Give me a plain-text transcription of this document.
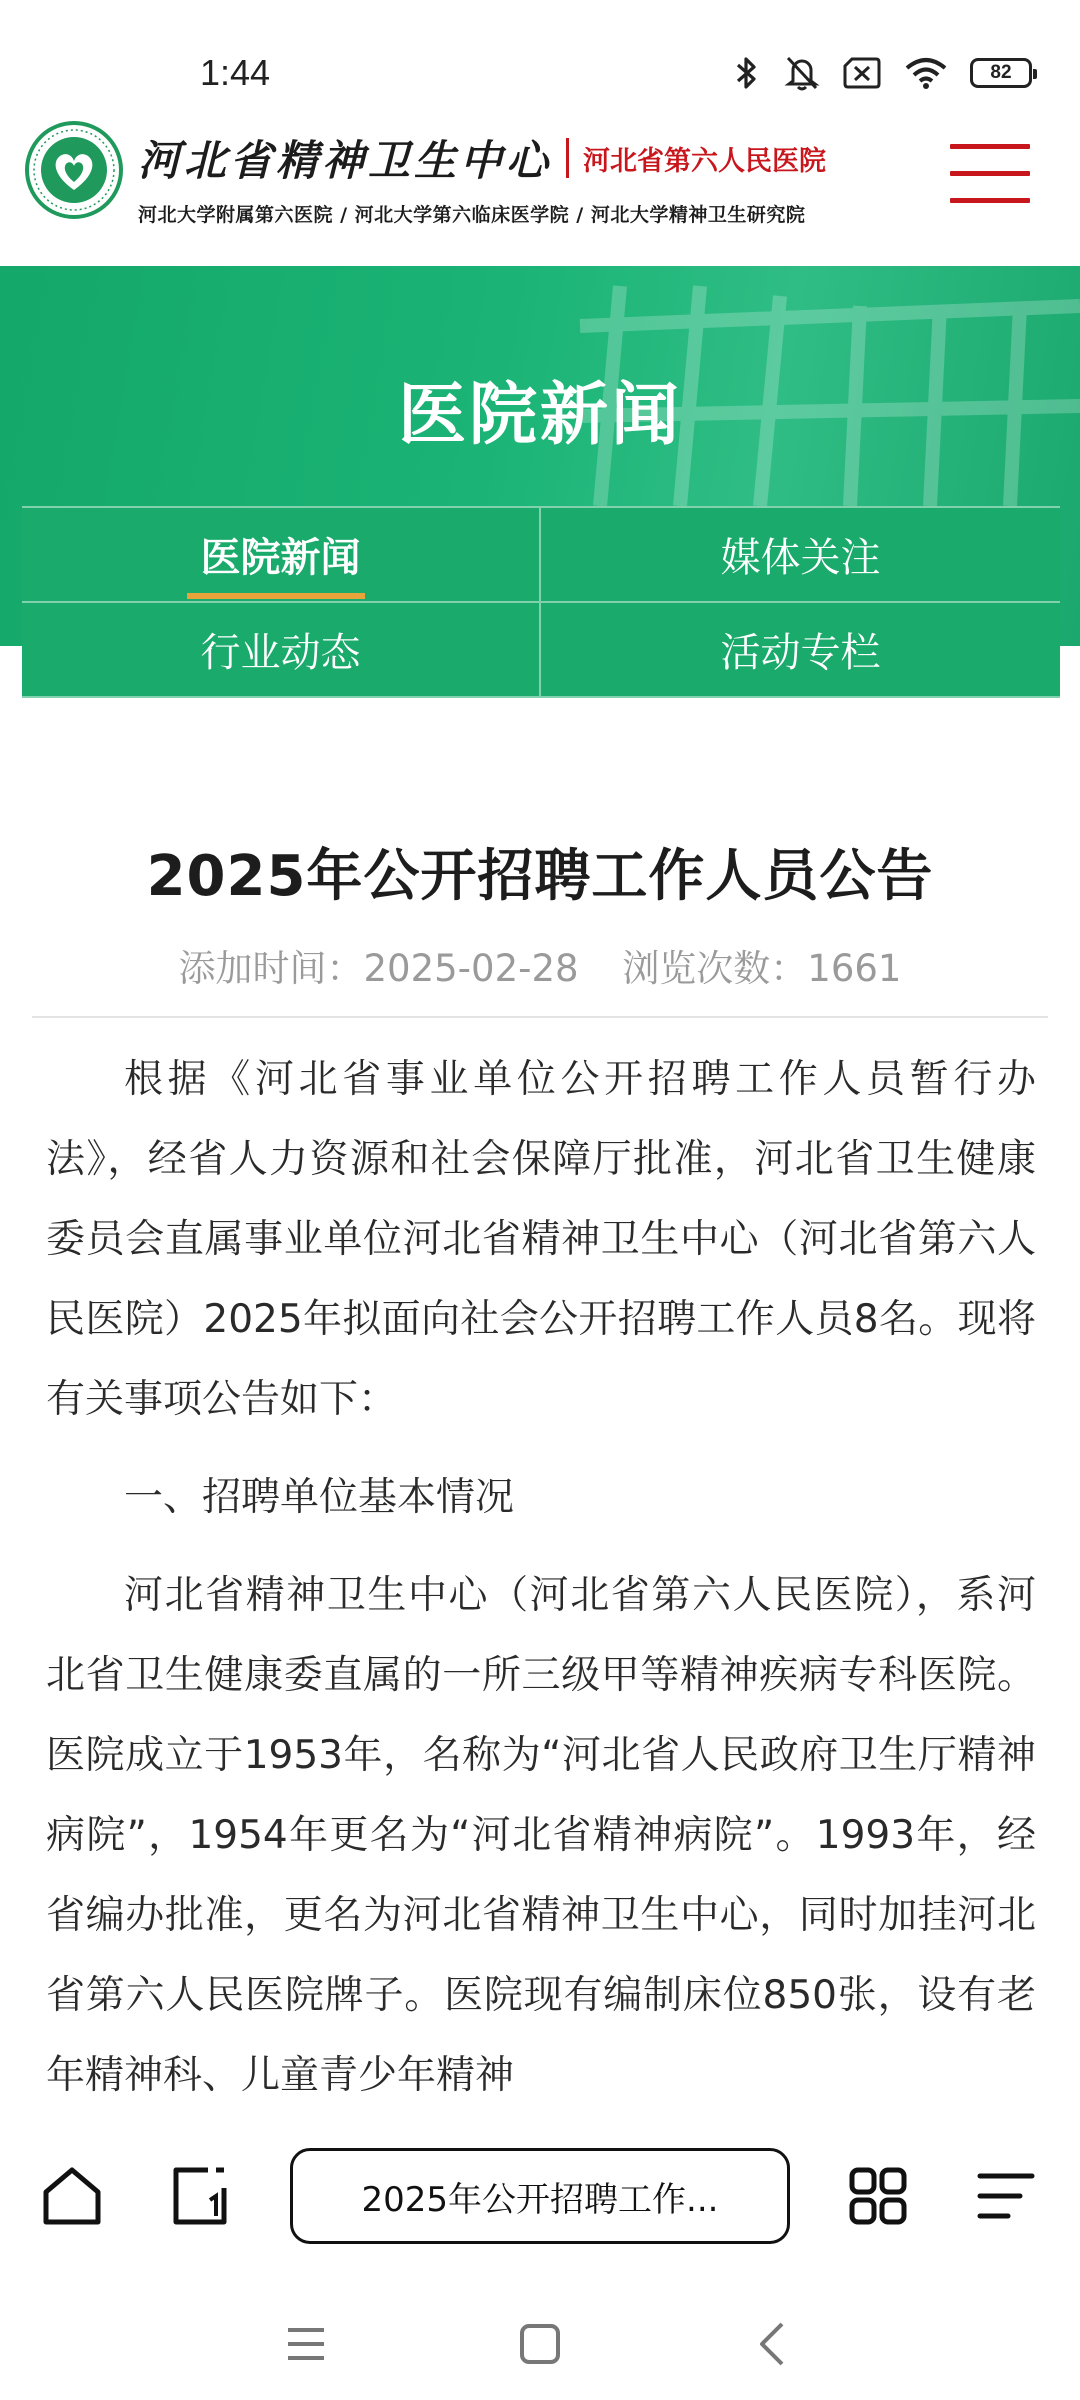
1:44	82
河北省精神卫生中心 河北省第六人民医院
河北大学附属第六医院 / 河北大学第六临床医学院 / 河北大学精神卫生研究院
医院新闻
医院新闻	媒体关注
行业动态	活动专栏
2025年公开招聘工作人员公告
添加时间：2025-02-28 浏览次数：1661

根据《河北省事业单位公开招聘工作人员暂行办法》，经省人力资源和社会保障厅批准，河北省卫生健康委员会直属事业单位河北省精神卫生中心（河北省第六人民医院）2025年拟面向社会公开招聘工作人员8名。现将有关事项公告如下：

一、招聘单位基本情况

河北省精神卫生中心（河北省第六人民医院），系河北省卫生健康委直属的一所三级甲等精神疾病专科医院。医院成立于1953年，名称为“河北省人民政府卫生厅精神病院”，1954年更名为“河北省精神病院”。1993年，经省编办批准，更名为河北省精神卫生中心，同时加挂河北省第六人民医院牌子。医院现有编制床位850张，设有老年精神科、儿童青少年精神

2025年公开招聘工作...
